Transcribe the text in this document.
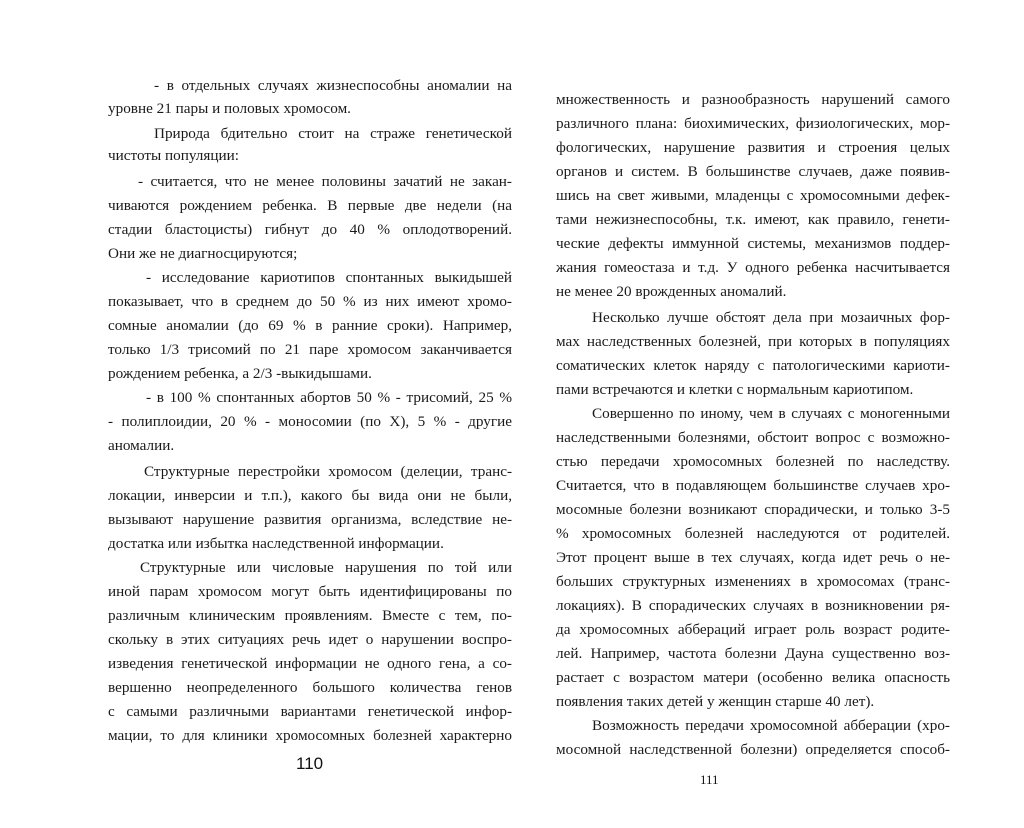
- в отдельных случаях жизнеспособны аномалии на
уровне 21 пары и половых хромосом.
Природа бдительно стоит на страже генетической
чистоты популяции:
- считается, что не менее половины зачатий не закан-
чиваются рождением ребенка. В первые две недели (на
стадии бластоцисты) гибнут до 40 % оплодотворений.
Они же не диагносцируются;
- исследование кариотипов спонтанных выкидышей
показывает, что в среднем до 50 % из них имеют хромо-
сомные аномалии (до 69 % в ранние сроки). Например,
только 1/3 трисомий по 21 паре хромосом заканчивается
рождением ребенка, а 2/3 -выкидышами.
- в 100 % спонтанных абортов 50 % - трисомий, 25 %
- полиплоидии, 20 % - моносомии (по X), 5 % - другие
аномалии.
Структурные перестройки хромосом (делеции, транс-
локации, инверсии и т.п.), какого бы вида они не были,
вызывают нарушение развития организма, вследствие не-
достатка или избытка наследственной информации.
Структурные или числовые нарушения по той или
иной парам хромосом могут быть идентифицированы по
различным клиническим проявлениям. Вместе с тем, по-
скольку в этих ситуациях речь идет о нарушении воспро-
изведения генетической информации не одного гена, а со-
вершенно неопределенного большого количества генов
с самыми различными вариантами генетической инфор-
мации, то для клиники хромосомных болезней характерно
110
множественность и разнообразность нарушений самого
различного плана: биохимических, физиологических, мор-
фологических, нарушение развития и строения целых
органов и систем. В большинстве случаев, даже появив-
шись на свет живыми, младенцы с хромосомными дефек-
тами нежизнеспособны, т.к. имеют, как правило, генети-
ческие дефекты иммунной системы, механизмов поддер-
жания гомеостаза и т.д. У одного ребенка насчитывается
не менее 20 врожденных аномалий.
Несколько лучше обстоят дела при мозаичных фор-
мах наследственных болезней, при которых в популяциях
соматических клеток наряду с патологическими кариоти-
пами встречаются и клетки с нормальным кариотипом.
Совершенно по иному, чем в случаях с моногенными
наследственными болезнями, обстоит вопрос с возможно-
стью передачи хромосомных болезней по наследству.
Считается, что в подавляющем большинстве случаев хро-
мосомные болезни возникают спорадически, и только 3-5
% хромосомных болезней наследуются от родителей.
Этот процент выше в тех случаях, когда идет речь о не-
больших структурных изменениях в хромосомах (транс-
локациях). В спорадических случаях в возникновении ря-
да хромосомных аббераций играет роль возраст родите-
лей. Например, частота болезни Дауна существенно воз-
растает с возрастом матери (особенно велика опасность
появления таких детей у женщин старше 40 лет).
Возможность передачи хромосомной абберации (хро-
мосомной наследственной болезни) определяется способ-
111
